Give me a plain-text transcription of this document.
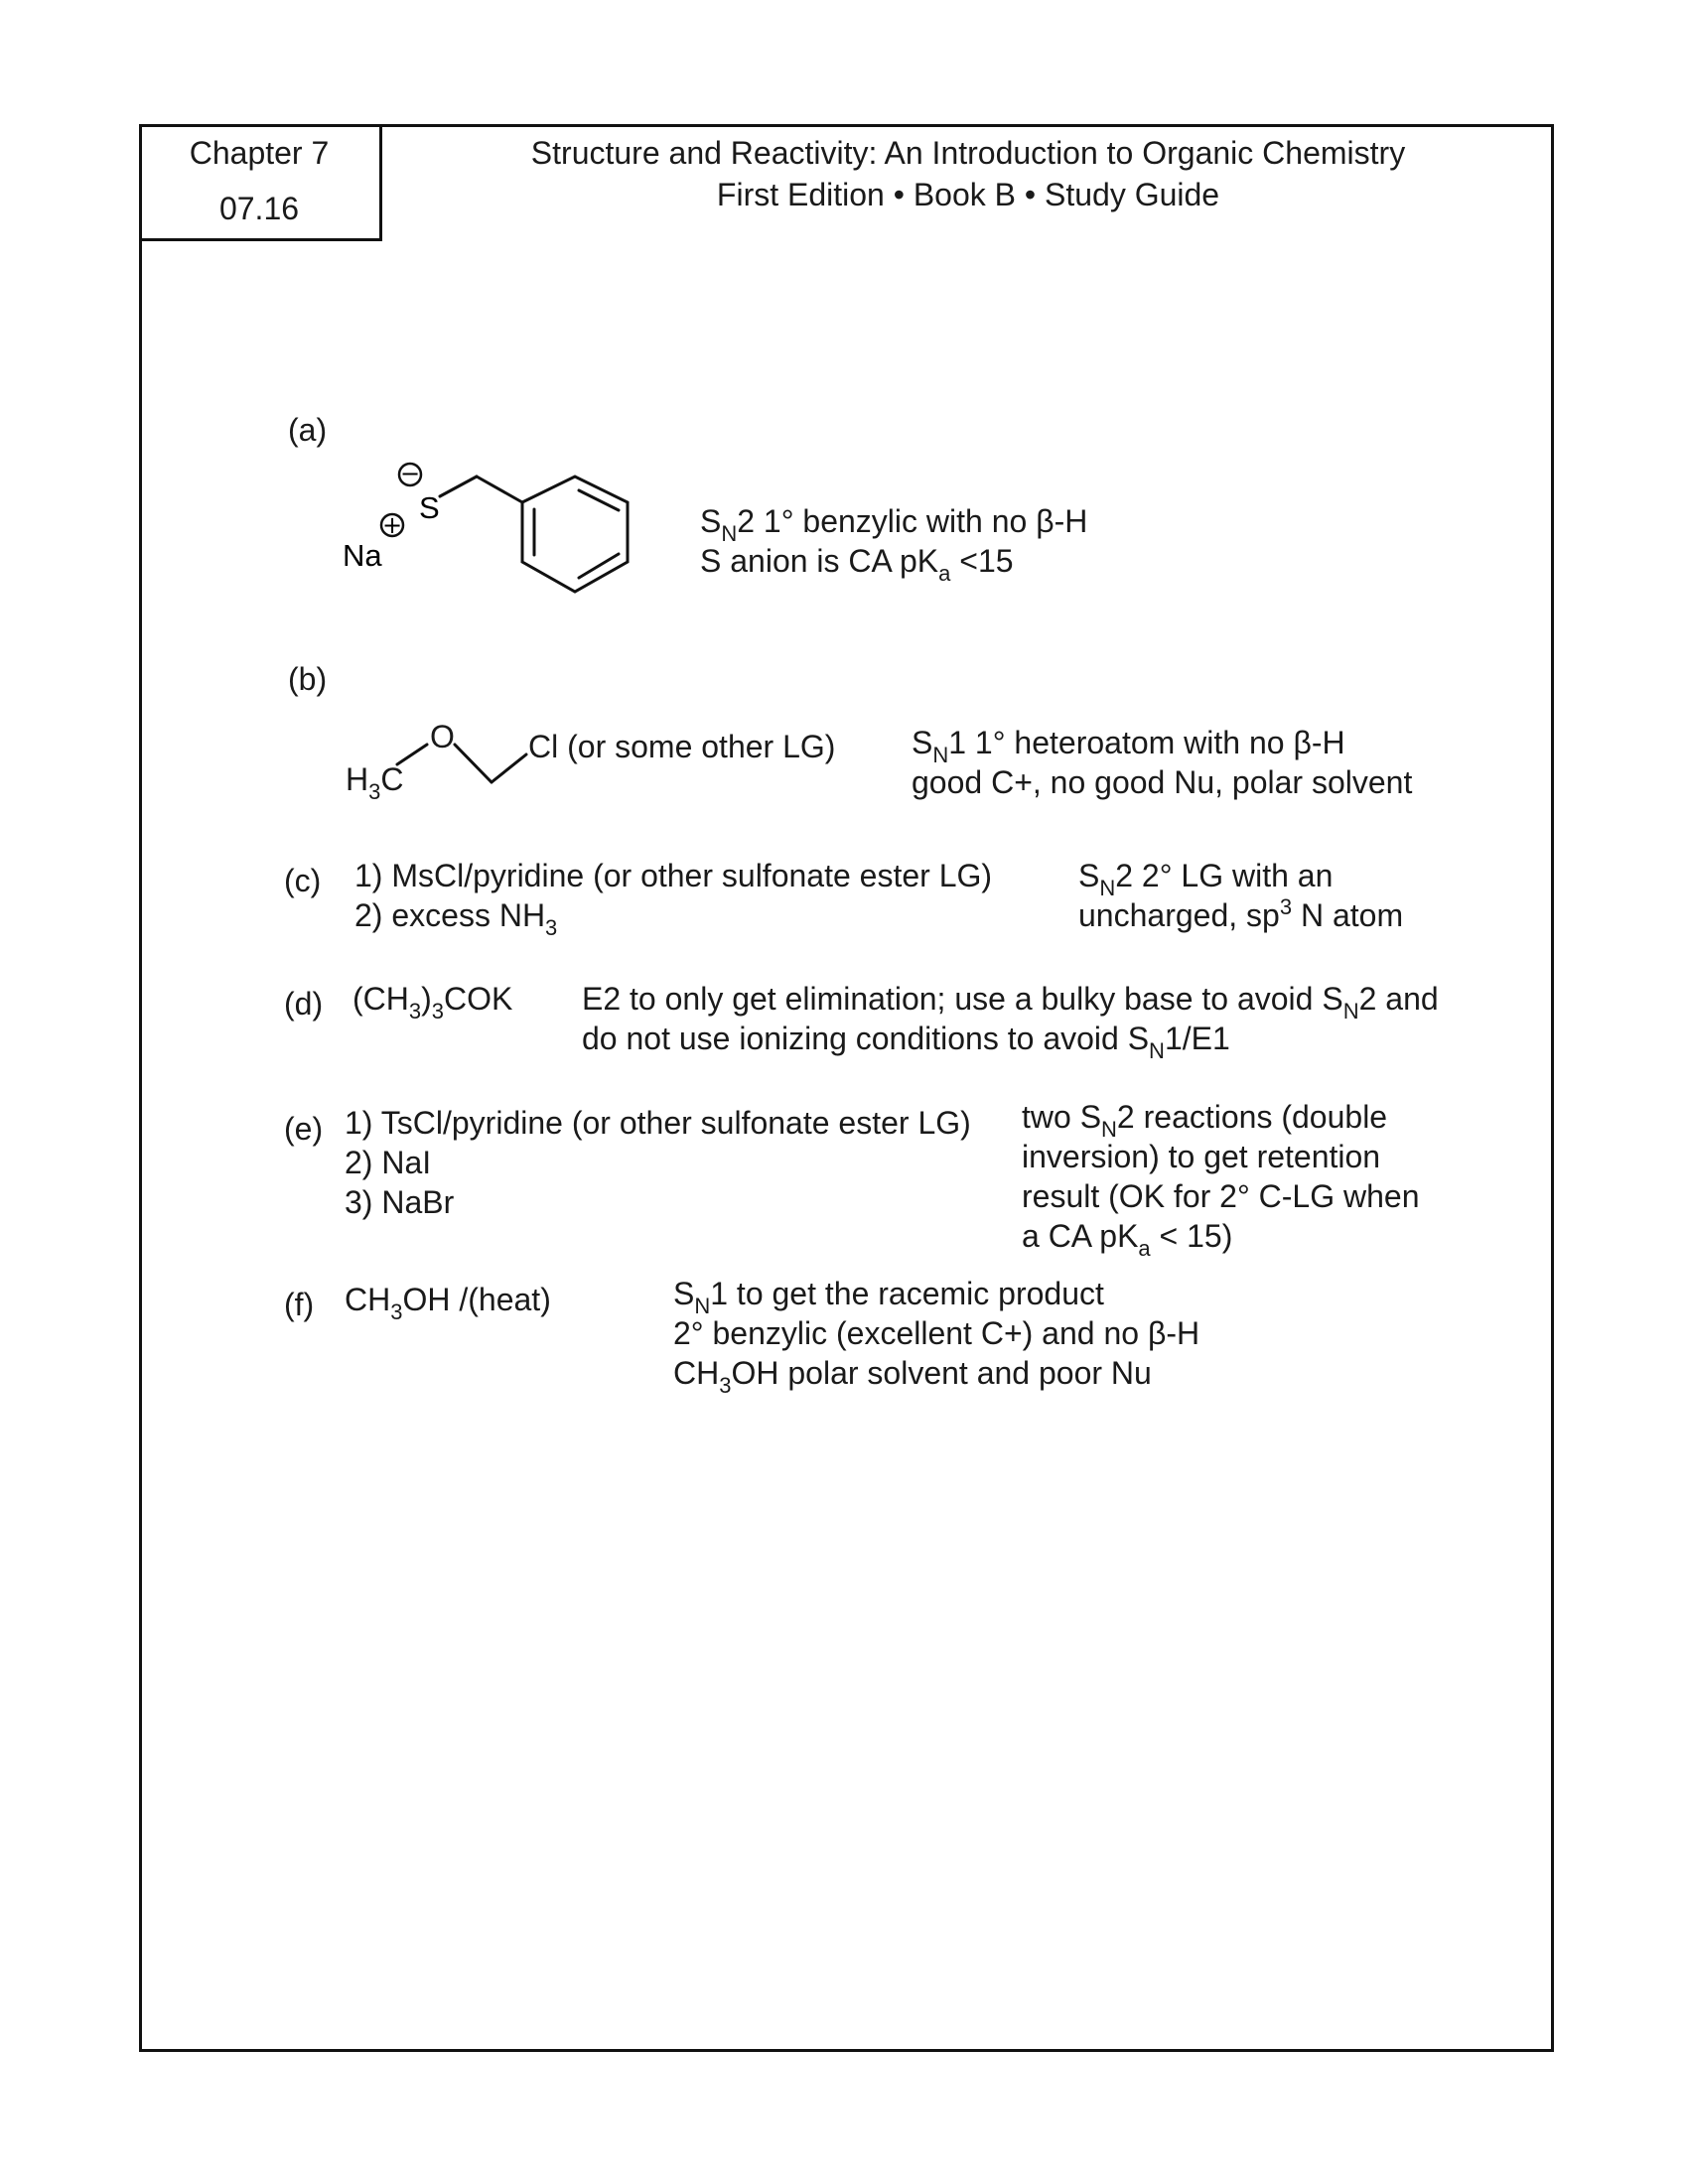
Chapter 7
07.16
Structure and Reactivity: An Introduction to Organic Chemistry
First Edition • Book B • Study Guide
(a)
−
+ S
Na
$S_N2$ 1° benzylic with no β-H
S anion is CA $pK_a <15$
(b)
O
$H_3C$
Cl (or some other LG) $S_N1$ 1° heteroatom with no β-H
good C+, no good Nu, polar solvent
(c) 1) MsCl/pyridine (or other sulfonate ester LG)
2) excess $NH_3$
$S_N2$ 2° LG with an
uncharged, $sp^3$ N atom
(d) $(CH_3)_3COK$ E2 to only get elimination; use a bulky base to avoid $S_N2$ and
do not use ionizing conditions to avoid $S_N1/E1$
(e) 1) TsCl/pyridine (or other sulfonate ester LG)
2) NaI
3) NaBr
two $S_N2$ reactions (double
inversion) to get retention
result (OK for 2° C-LG when
a CA $pK_a < 15$)
(f) $CH_3OH$ /(heat)	$S_N1$ to get the racemic product
2° benzylic (excellent C+) and no β-H
$CH_3OH$ polar solvent and poor Nu
